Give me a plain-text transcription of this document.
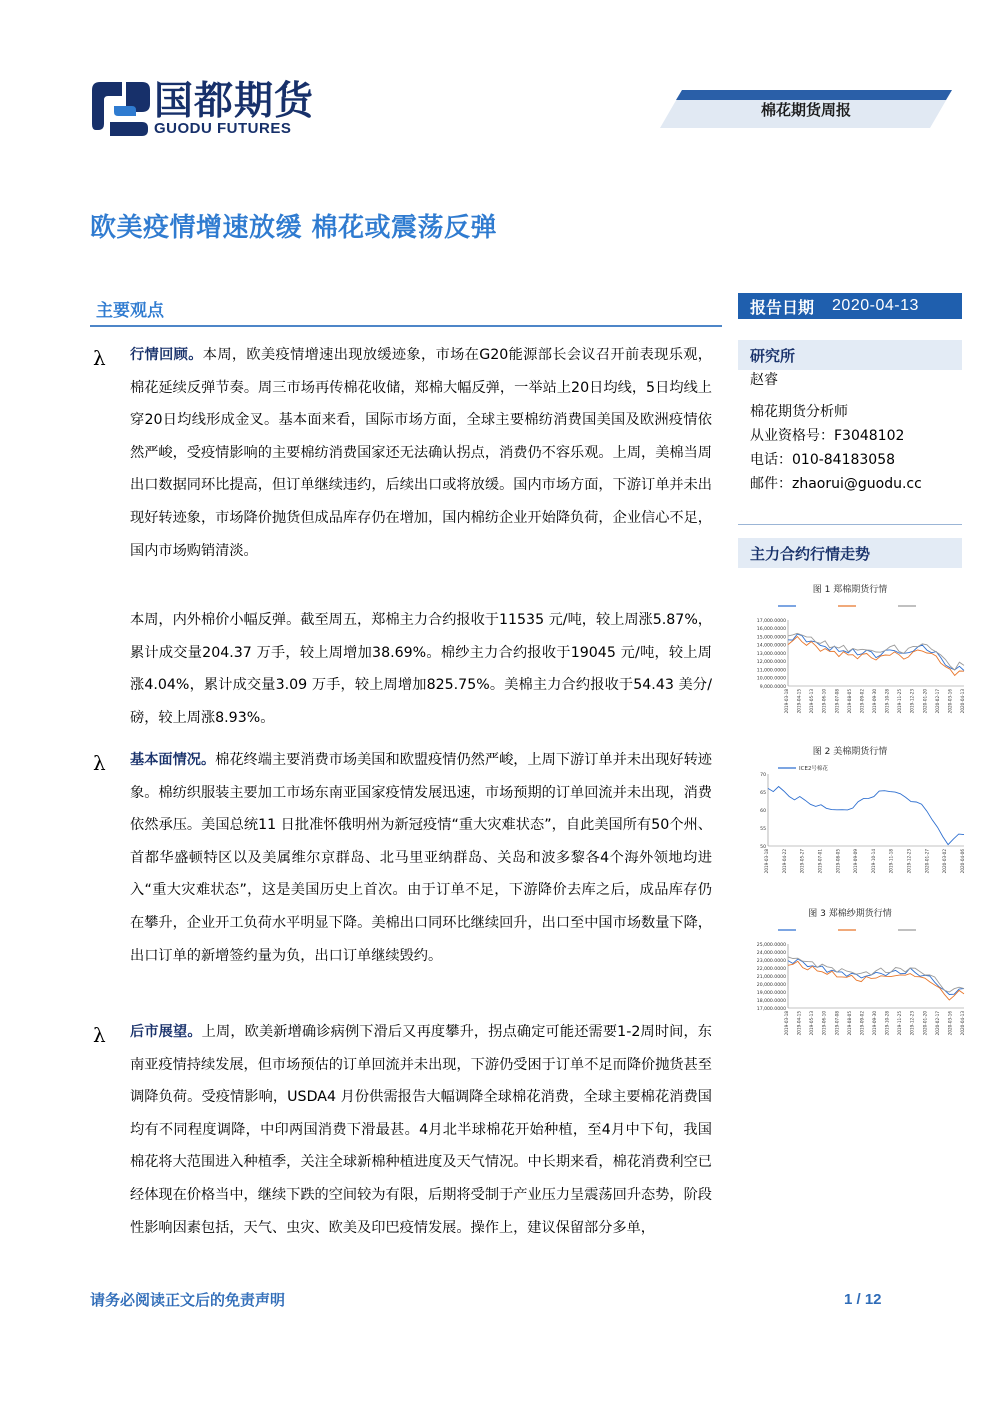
国都期货
GUODU FUTURES
棉花期货周报
欧美疫情增速放缓 棉花或震荡反弹
主要观点	报告日期 2020-04-13
研究所
赵睿
棉花期货分析师
从业资格号：F3048102
电话：010-84183058
邮件：zhaorui@guodu.cc
主力合约行情走势
图 1 郑棉期货行情
17,000.0000
16,000.0000
15,000.0000
14,000.0000
13,000.0000
12,000.0000
11,000.0000
10,000.0000
9,000.0000
2019-03-18 2019-04-15 2019-05-13 2019-06-10 2019-07-08 2019-08-05 2019-09-02 2019-09-30 2019-10-28 2019-11-25 2019-12-23 2020-01-20 2020-02-17 2020-03-16 2020-04-13
图 2 美棉期货行情
ICE2号棉花
70
65
60
55
50
2019-03-18	2019-04-22	2019-05-27	2019-07-01	2019-08-05	2019-09-09	2019-10-14	2019-11-18	2019-12-23	2020-01-27	2020-03-02	2020-04-06
图 3 郑棉纱期货行情
25,000.0000
24,000.0000
23,000.0000
22,000.0000
21,000.0000
20,000.0000
19,000.0000
18,000.0000
17,000.0000
2019-03-18 2019-04-15 2019-05-13 2019-06-10 2019-07-08 2019-08-05 2019-09-02 2019-09-30 2019-10-28 2019-11-25 2019-12-23 2020-01-20 2020-02-17 2020-03-16 2020-04-13
λ 行情回顾。本周，欧美疫情增速出现放缓迹象，市场在G20能源部长会议召开前表现乐观，棉花延续反弹节奏。周三市场再传棉花收储，郑棉大幅反弹，一举站上20日均线，5日均线上穿20日均线形成金叉。基本面来看，国际市场方面，全球主要棉纺消费国美国及欧洲疫情依然严峻，受疫情影响的主要棉纺消费国家还无法确认拐点，消费仍不容乐观。上周，美棉当周出口数据同环比提高，但订单继续违约，后续出口或将放缓。国内市场方面，下游订单并未出现好转迹象，市场降价抛货但成品库存仍在增加，国内棉纺企业开始降负荷，企业信心不足，国内市场购销清淡。
本周，内外棉价小幅反弹。截至周五，郑棉主力合约报收于11535 元/吨，较上周涨5.87%，累计成交量204.37 万手，较上周增加38.69%。棉纱主力合约报收于19045 元/吨，较上周涨4.04%，累计成交量3.09 万手，较上周增加825.75%。美棉主力合约报收于54.43 美分/磅，较上周涨8.93%。
λ 基本面情况。棉花终端主要消费市场美国和欧盟疫情仍然严峻，上周下游订单并未出现好转迹象。棉纺织服装主要加工市场东南亚国家疫情发展迅速，市场预期的订单回流并未出现，消费依然承压。美国总统11 日批准怀俄明州为新冠疫情“重大灾难状态”，自此美国所有50个州、首都华盛顿特区以及美属维尔京群岛、北马里亚纳群岛、关岛和波多黎各4个海外领地均进入“重大灾难状态”，这是美国历史上首次。由于订单不足，下游降价去库之后，成品库存仍在攀升，企业开工负荷水平明显下降。美棉出口同环比继续回升，出口至中国市场数量下降，出口订单的新增签约量为负，出口订单继续毁约。
λ 后市展望。上周，欧美新增确诊病例下滑后又再度攀升，拐点确定可能还需要1-2周时间，东南亚疫情持续发展，但市场预估的订单回流并未出现，下游仍受困于订单不足而降价抛货甚至调降负荷。受疫情影响，USDA4 月份供需报告大幅调降全球棉花消费，全球主要棉花消费国均有不同程度调降，中印两国消费下滑最甚。4月北半球棉花开始种植，至4月中下旬，我国棉花将大范围进入种植季，关注全球新棉种植进度及天气情况。中长期来看，棉花消费利空已经体现在价格当中，继续下跌的空间较为有限，后期将受制于产业压力呈震荡回升态势，阶段性影响因素包括，天气、虫灾、欧美及印巴疫情发展。操作上，建议保留部分多单，
请务必阅读正文后的免责声明	1 / 12
